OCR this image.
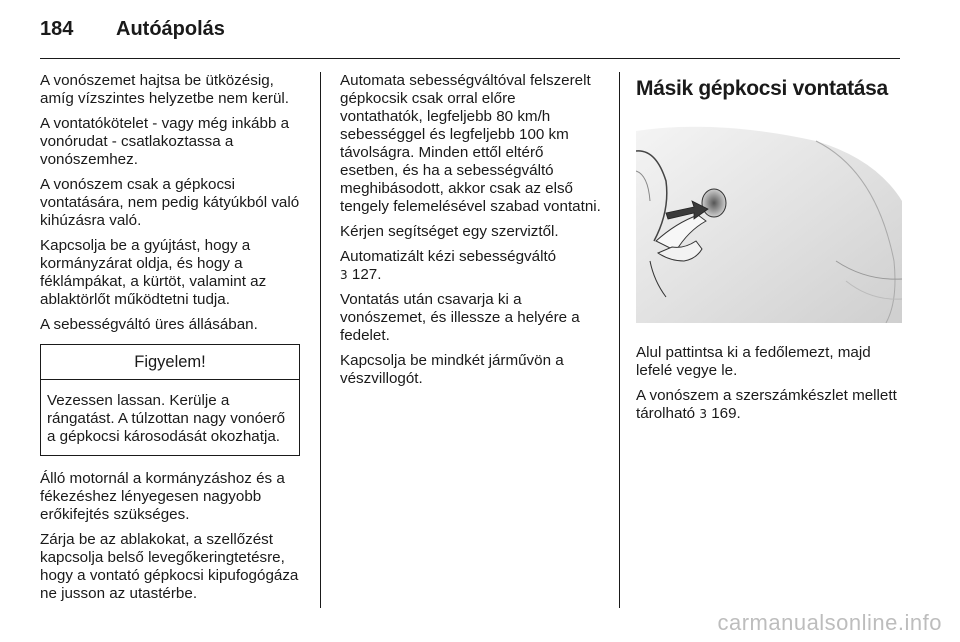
184 Autóápolás

A vonószemet hajtsa be ütközésig, amíg vízszintes helyzetbe nem kerül.

A vontatókötelet - vagy még inkább a vonórudat - csatlakoztassa a vonószemhez.

A vonószem csak a gépkocsi vontatására, nem pedig kátyúkból való kihúzásra való.

Kapcsolja be a gyújtást, hogy a kormányzárat oldja, és hogy a féklámpákat, a kürtöt, valamint az ablaktörlőt működtetni tudja.

A sebességváltó üres állásában.

Figyelem!

Vezessen lassan. Kerülje a rángatást. A túlzottan nagy vonóerő a gépkocsi károsodását okozhatja.

Álló motornál a kormányzáshoz és a fékezéshez lényegesen nagyobb erőkifejtés szükséges.

Zárja be az ablakokat, a szellőzést kapcsolja belső levegőkeringtetésre, hogy a vontató gépkocsi kipufogógáza ne jusson az utastérbe.

Automata sebességváltóval felszerelt gépkocsik csak orral előre vontathatók, legfeljebb 80 km/h sebességgel és legfeljebb 100 km távolságra. Minden ettől eltérő esetben, és ha a sebességváltó meghibásodott, akkor csak az első tengely felemelésével szabad vontatni.

Kérjen segítséget egy szerviztől.

Automatizált kézi sebességváltó
3 127.

Vontatás után csavarja ki a vonószemet, és illessze a helyére a fedelet.

Kapcsolja be mindkét járművön a vészvillogót.

Másik gépkocsi vontatása

Alul pattintsa ki a fedőlemezt, majd lefelé vegye le.

A vonószem a szerszámkészlet mellett tárolható 3 169.

carmanualsonline.info
